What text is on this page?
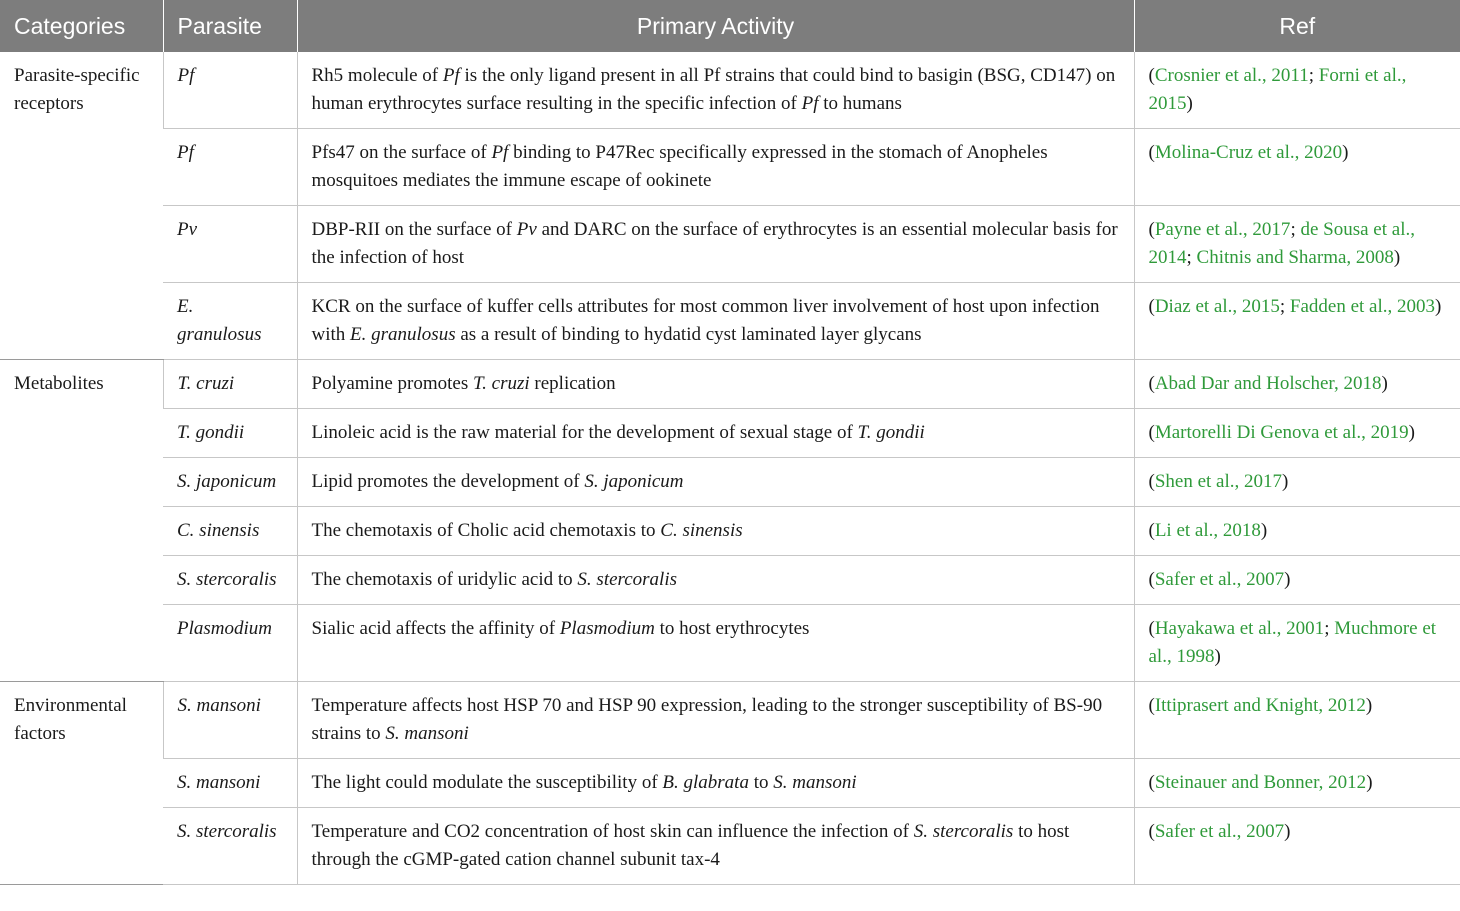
Categories	Parasite	Primary Activity	Ref
Parasite-specific receptors	Pf	Rh5 molecule of Pf is the only ligand present in all Pf strains that could bind to basigin (BSG, CD147) on human erythrocytes surface resulting in the specific infection of Pf to humans	(Crosnier et al., 2011; Forni et al., 2015)
	Pf	Pfs47 on the surface of Pf binding to P47Rec specifically expressed in the stomach of Anopheles mosquitoes mediates the immune escape of ookinete	(Molina-Cruz et al., 2020)
	Pv	DBP-RII on the surface of Pv and DARC on the surface of erythrocytes is an essential molecular basis for the infection of host	(Payne et al., 2017; de Sousa et al., 2014; Chitnis and Sharma, 2008)
	E. granulosus	KCR on the surface of kuffer cells attributes for most common liver involvement of host upon infection with E. granulosus as a result of binding to hydatid cyst laminated layer glycans	(Diaz et al., 2015; Fadden et al., 2003)
Metabolites	T. cruzi	Polyamine promotes T. cruzi replication	(Abad Dar and Holscher, 2018)
	T. gondii	Linoleic acid is the raw material for the development of sexual stage of T. gondii	(Martorelli Di Genova et al., 2019)
	S. japonicum	Lipid promotes the development of S. japonicum	(Shen et al., 2017)
	C. sinensis	The chemotaxis of Cholic acid chemotaxis to C. sinensis	(Li et al., 2018)
	S. stercoralis	The chemotaxis of uridylic acid to S. stercoralis	(Safer et al., 2007)
	Plasmodium	Sialic acid affects the affinity of Plasmodium to host erythrocytes	(Hayakawa et al., 2001; Muchmore et al., 1998)
Environmental factors	S. mansoni	Temperature affects host HSP 70 and HSP 90 expression, leading to the stronger susceptibility of BS-90 strains to S. mansoni	(Ittiprasert and Knight, 2012)
	S. mansoni	The light could modulate the susceptibility of B. glabrata to S. mansoni	(Steinauer and Bonner, 2012)
	S. stercoralis	Temperature and CO2 concentration of host skin can influence the infection of S. stercoralis to host through the cGMP-gated cation channel subunit tax-4	(Safer et al., 2007)
